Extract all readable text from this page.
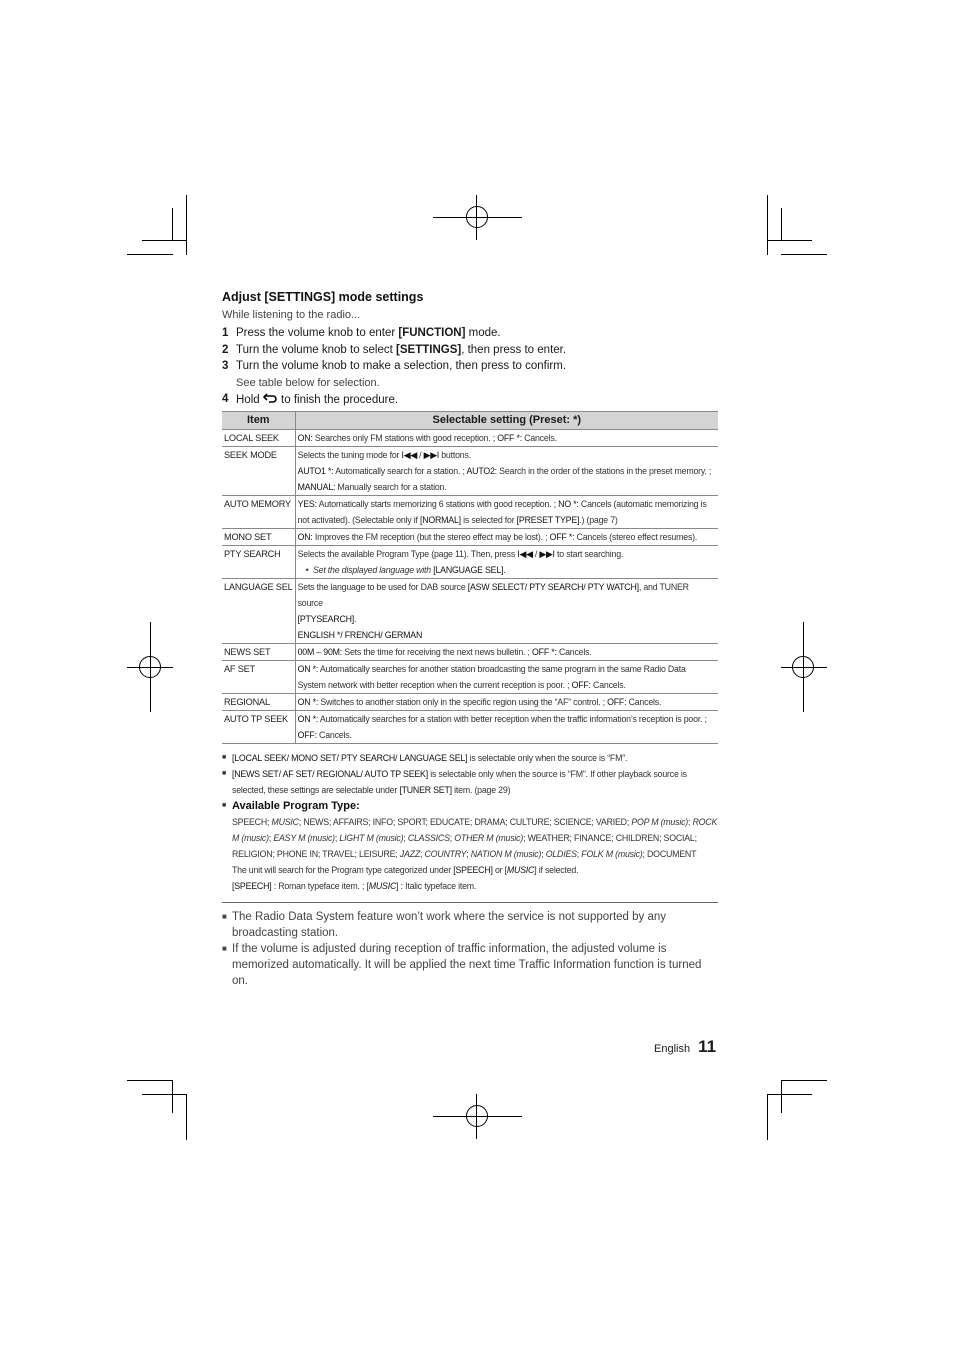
Adjust [SETTINGS] mode settings
While listening to the radio...
1 Press the volume knob to enter [FUNCTION] mode.
2 Turn the volume knob to select [SETTINGS], then press to enter.
3 Turn the volume knob to make a selection, then press to confirm.
See table below for selection.
4 Hold  to finish the procedure.
Item	Selectable setting (Preset: *)
LOCAL SEEK	ON: Searches only FM stations with good reception. ; OFF *: Cancels.
SEEK MODE	Selects the tuning mode for I◀◀ / ▶▶I buttons.
AUTO1 *: Automatically search for a station. ; AUTO2: Search in the order of the stations in the preset memory. ;
MANUAL: Manually search for a station.
AUTO MEMORY	YES: Automatically starts memorizing 6 stations with good reception. ; NO *: Cancels (automatic memorizing is not activated). (Selectable only if [NORMAL] is selected for [PRESET TYPE].) (page 7)
MONO SET	ON: Improves the FM reception (but the stereo effect may be lost). ; OFF *: Cancels (stereo effect resumes).
PTY SEARCH	Selects the available Program Type (page 11). Then, press I◀◀ / ▶▶I to start searching.

•  Set the displayed language with [LANGUAGE SEL].

LANGUAGE SEL	Sets the language to be used for DAB source [ASW SELECT/ PTY SEARCH/ PTY WATCH], and TUNER source
[PTYSEARCH].
ENGLISH */ FRENCH/ GERMAN
NEWS SET	00M – 90M: Sets the time for receiving the next news bulletin. ; OFF *: Cancels.
AF SET	ON *: Automatically searches for another station broadcasting the same program in the same Radio Data System network with better reception when the current reception is poor. ; OFF: Cancels.
REGIONAL	ON *: Switches to another station only in the specific region using the “AF” control. ; OFF: Cancels.
AUTO TP SEEK	ON *: Automatically searches for a station with better reception when the traffic information’s reception is poor. ; OFF: Cancels.
■ [LOCAL SEEK/ MONO SET/ PTY SEARCH/ LANGUAGE SEL] is selectable only when the source is “FM”.
■ [NEWS SET/ AF SET/ REGIONAL/ AUTO TP SEEK] is selectable only when the source is “FM”. If other playback source is selected, these settings are selectable under [TUNER SET] item. (page 29)
■ Available Program Type:
SPEECH; MUSIC; NEWS; AFFAIRS; INFO; SPORT; EDUCATE; DRAMA; CULTURE; SCIENCE; VARIED; POP M (music); ROCK M (music); EASY M (music); LIGHT M (music); CLASSICS; OTHER M (music); WEATHER; FINANCE; CHILDREN; SOCIAL; RELIGION; PHONE IN; TRAVEL; LEISURE; JAZZ; COUNTRY; NATION M (music); OLDIES; FOLK M (music); DOCUMENT
The unit will search for the Program type categorized under [SPEECH] or [MUSIC] if selected.
[SPEECH] : Roman typeface item. ; [MUSIC] : Italic typeface item.
■ The Radio Data System feature won’t work where the service is not supported by any broadcasting station.
■ If the volume is adjusted during reception of traffic information, the adjusted volume is memorized automatically. It will be applied the next time Traffic Information function is turned on.
English 11
